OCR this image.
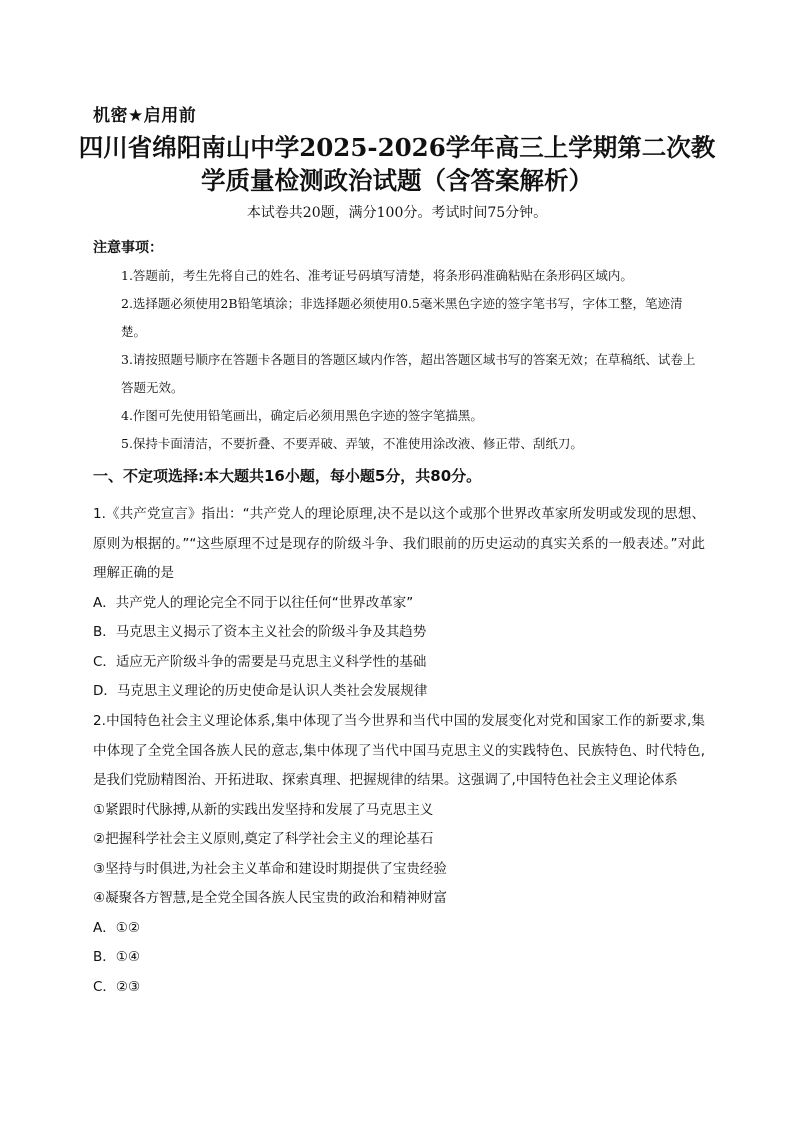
机密★启用前
四川省绵阳南山中学2025-2026学年高三上学期第二次教
学质量检测政治试题（含答案解析）
本试卷共20题，满分100分。考试时间75分钟。
注意事项：
1.答题前，考生先将自己的姓名、准考证号码填写清楚，将条形码准确粘贴在条形码区域内。
2.选择题必须使用2B铅笔填涂；非选择题必须使用0.5毫米黑色字迹的签字笔书写，字体工整，笔迹清楚。
3.请按照题号顺序在答题卡各题目的答题区域内作答，超出答题区域书写的答案无效；在草稿纸、试卷上答题无效。
4.作图可先使用铅笔画出，确定后必须用黑色字迹的签字笔描黑。
5.保持卡面清洁，不要折叠、不要弄破、弄皱，不准使用涂改液、修正带、刮纸刀。
一、不定项选择:本大题共16小题，每小题5分，共80分。

1.《共产党宣言》指出：“共产党人的理论原理,决不是以这个或那个世界改革家所发明或发现的思想、原则为根据的。”“这些原理不过是现存的阶级斗争、我们眼前的历史运动的真实关系的一般表述。”对此理解正确的是

A．共产党人的理论完全不同于以往任何“世界改革家”

B．马克思主义揭示了资本主义社会的阶级斗争及其趋势

C．适应无产阶级斗争的需要是马克思主义科学性的基础

D．马克思主义理论的历史使命是认识人类社会发展规律

2.中国特色社会主义理论体系,集中体现了当今世界和当代中国的发展变化对党和国家工作的新要求,集中体现了全党全国各族人民的意志,集中体现了当代中国马克思主义的实践特色、民族特色、时代特色,是我们党励精图治、开拓进取、探索真理、把握规律的结果。这强调了,中国特色社会主义理论体系

①紧跟时代脉搏,从新的实践出发坚持和发展了马克思主义

②把握科学社会主义原则,奠定了科学社会主义的理论基石

③坚持与时俱进,为社会主义革命和建设时期提供了宝贵经验

④凝聚各方智慧,是全党全国各族人民宝贵的政治和精神财富

A．①②

B．①④

C．②③
